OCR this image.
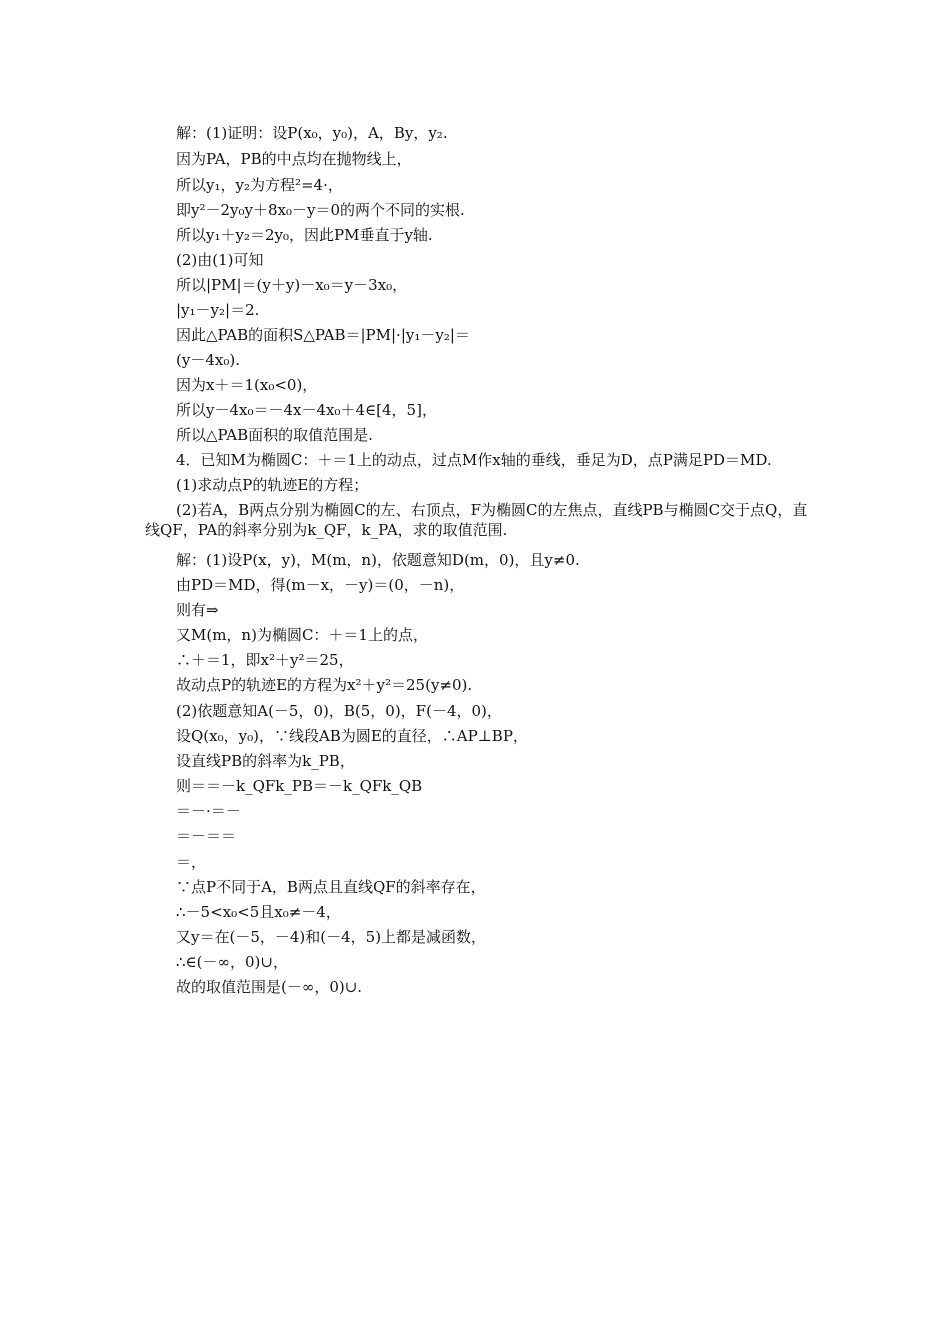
解：(1)证明：设P(x₀，y₀)，A，By，y₂.
因为PA，PB的中点均在抛物线上，
所以y₁，y₂为方程²=4·，
即y²－2y₀y＋8x₀－y＝0的两个不同的实根.
所以y₁＋y₂＝2y₀，因此PM垂直于y轴.
(2)由(1)可知
所以|PM|＝(y＋y)－x₀＝y－3x₀，
|y₁－y₂|＝2.
因此△PAB的面积S△PAB＝|PM|·|y₁－y₂|＝
(y－4x₀).
因为x＋＝1(x₀<0)，
所以y－4x₀＝－4x－4x₀＋4∈[4，5]，
所以△PAB面积的取值范围是.
4．已知M为椭圆C：＋＝1上的动点，过点M作x轴的垂线，垂足为D，点P满足PD＝MD.
(1)求动点P的轨迹E的方程；
(2)若A，B两点分别为椭圆C的左、右顶点，F为椭圆C的左焦点，直线PB与椭圆C交于点Q，直线QF，PA的斜率分别为k_QF，k_PA，求的取值范围.
解：(1)设P(x，y)，M(m，n)，依题意知D(m，0)，且y≠0.
由PD＝MD，得(m－x，－y)＝(0，－n)，
则有⇒
又M(m，n)为椭圆C：＋＝1上的点，
∴＋＝1，即x²＋y²＝25，
故动点P的轨迹E的方程为x²＋y²＝25(y≠0).
(2)依题意知A(－5，0)，B(5，0)，F(－4，0)，
设Q(x₀，y₀)，∵线段AB为圆E的直径，∴AP⊥BP，
设直线PB的斜率为k_PB，
则＝＝－k_QFk_PB＝－k_QFk_QB
＝－·＝－
＝－＝＝
＝，
∵点P不同于A，B两点且直线QF的斜率存在，
∴－5<x₀<5且x₀≠－4，
又y＝在(－5，－4)和(－4，5)上都是减函数，
∴∈(－∞，0)∪，
故的取值范围是(－∞，0)∪.
